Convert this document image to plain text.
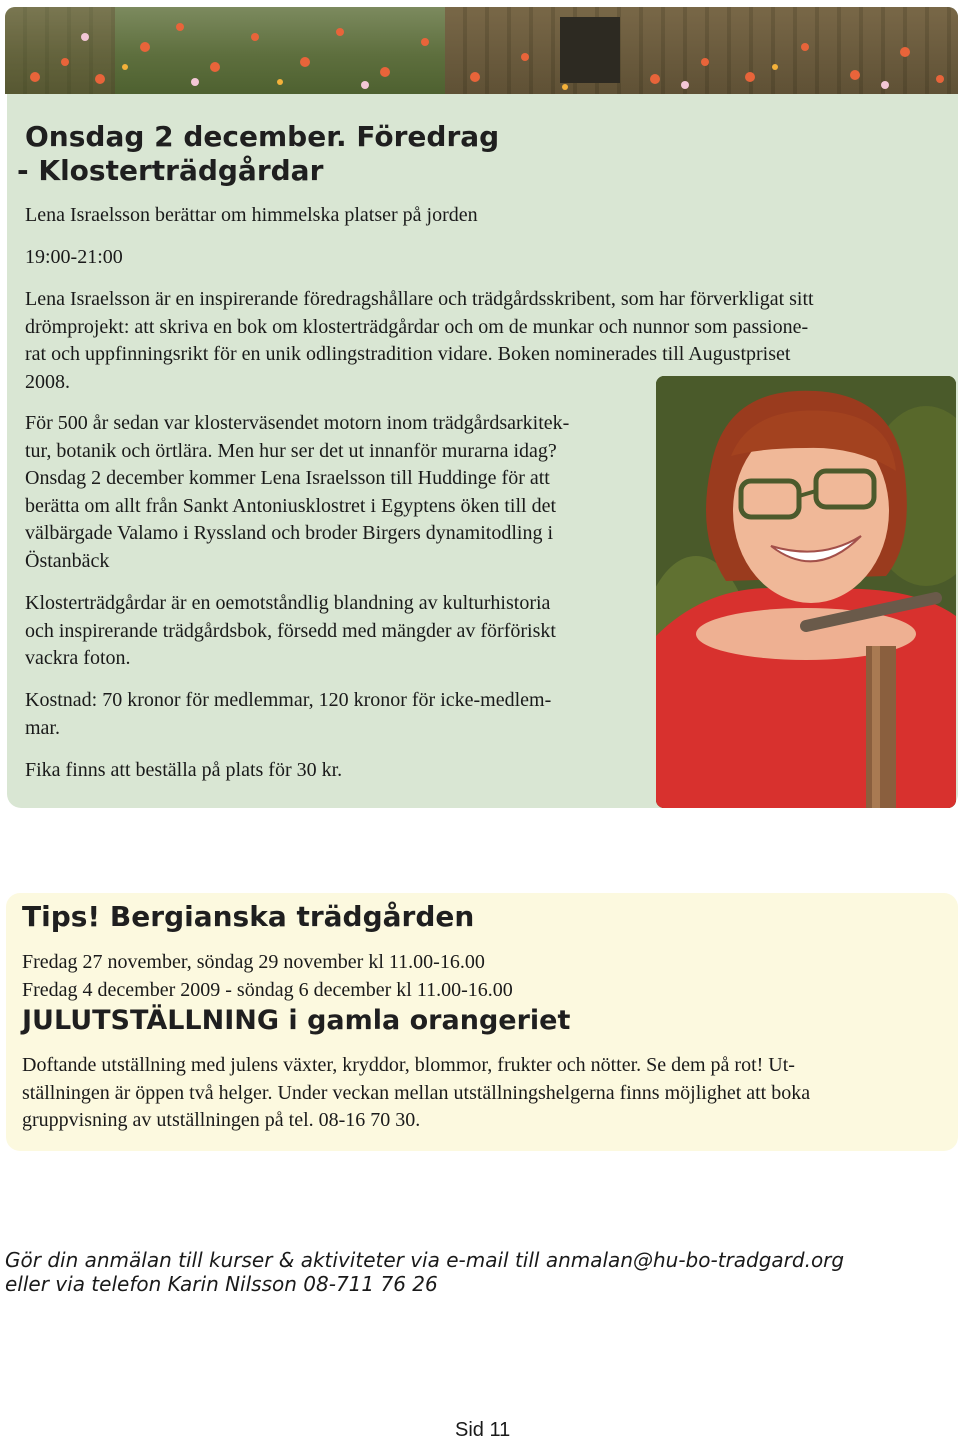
Onsdag 2 december. Föredrag
- Klosterträdgårdar
Lena Israelsson berättar om himmelska platser på jorden
19:00-21:00
Lena Israelsson är en inspirerande föredragshållare och trädgårdsskribent, som har förverkligat sitt
drömprojekt: att skriva en bok om klosterträdgårdar och om de munkar och nunnor som passione-
rat och uppfinningsrikt för en unik odlingstradition vidare. Boken nominerades till Augustpriset
2008.
För 500 år sedan var klosterväsendet motorn inom trädgårdsarkitek-
tur, botanik och örtlära. Men hur ser det ut innanför murarna idag?
Onsdag 2 december kommer Lena Israelsson till Huddinge för att
berätta om allt från Sankt Antoniusklostret i Egyptens öken till det
välbärgade Valamo i Ryssland och broder Birgers dynamitodling i
Östanbäck
Klosterträdgårdar är en oemotståndlig blandning av kulturhistoria
och inspirerande trädgårdsbok, försedd med mängder av förföriskt
vackra foton.
Kostnad: 70 kronor för medlemmar, 120 kronor för icke-medlem-
mar.
Fika finns att beställa på plats för 30 kr.
Tips! Bergianska trädgården
Fredag 27 november, söndag 29 november kl 11.00-16.00
Fredag 4 december 2009 - söndag 6 december kl 11.00-16.00
JULUTSTÄLLNING i gamla orangeriet
Doftande utställning med julens växter, kryddor, blommor, frukter och nötter. Se dem på rot! Ut-
ställningen är öppen två helger. Under veckan mellan utställningshelgerna finns möjlighet att boka
gruppvisning av utställningen på tel. 08-16 70 30.
Gör din anmälan till kurser & aktiviteter via e-mail till anmalan@hu-bo-tradgard.org
eller via telefon Karin Nilsson 08-711 76 26
Sid 11
